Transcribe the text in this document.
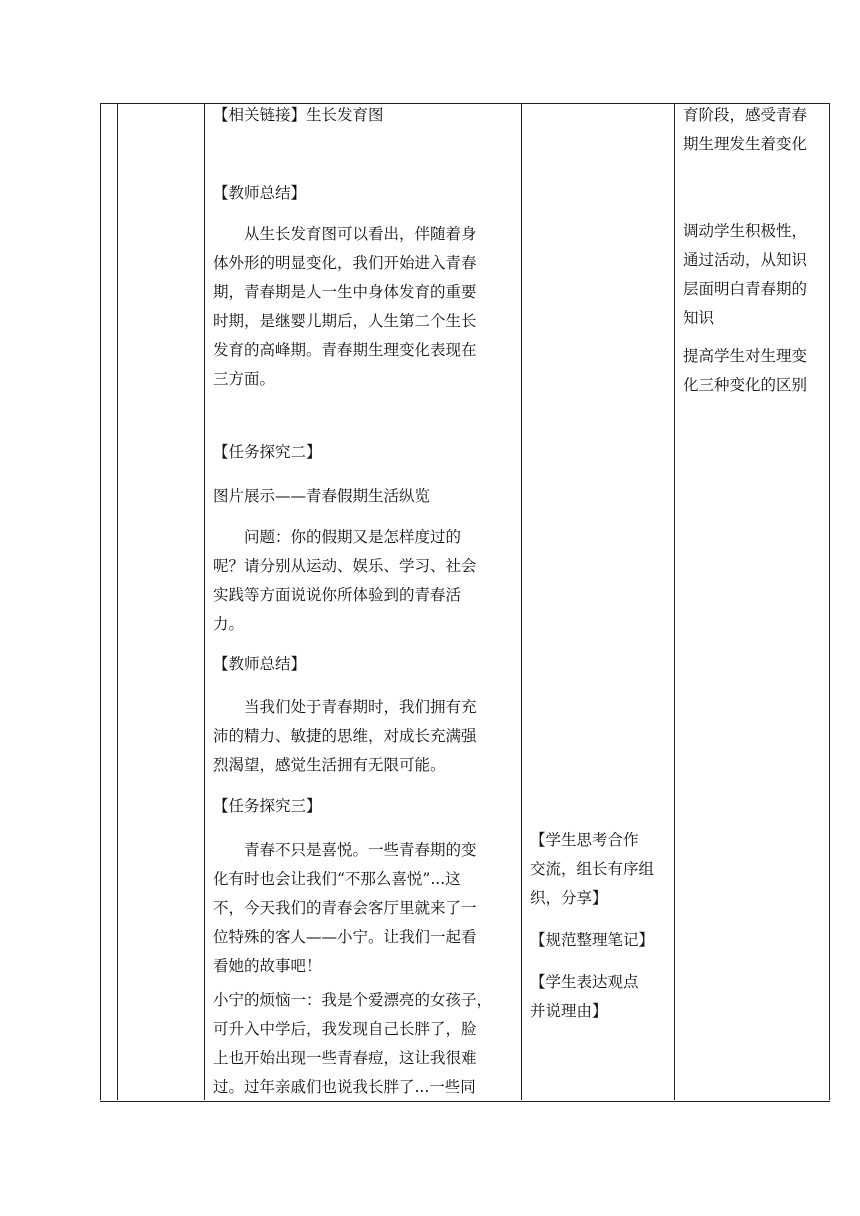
【相关链接】生长发育图

【教师总结】

从生长发育图可以看出，伴随着身

体外形的明显变化，我们开始进入青春

期，青春期是人一生中身体发育的重要

时期，是继婴儿期后，人生第二个生长

发育的高峰期。青春期生理变化表现在

三方面。

【任务探究二】

图片展示——青春假期生活纵览

问题：你的假期又是怎样度过的

呢？请分别从运动、娱乐、学习、社会

实践等方面说说你所体验到的青春活

力。

【教师总结】

当我们处于青春期时，我们拥有充

沛的精力、敏捷的思维，对成长充满强

烈渴望，感觉生活拥有无限可能。

【任务探究三】

青春不只是喜悦。一些青春期的变

化有时也会让我们“不那么喜悦”...这

不，今天我们的青春会客厅里就来了一

位特殊的客人——小宁。让我们一起看

看她的故事吧！

小宁的烦恼一：我是个爱漂亮的女孩子，

可升入中学后，我发现自己长胖了，脸

上也开始出现一些青春痘，这让我很难

过。过年亲戚们也说我长胖了...一些同

【学生思考合作

交流，组长有序组

织，分享】

【规范整理笔记】

【学生表达观点

并说理由】

育阶段，感受青春

期生理发生着变化

调动学生积极性，

通过活动，从知识

层面明白青春期的

知识

提高学生对生理变

化三种变化的区别
